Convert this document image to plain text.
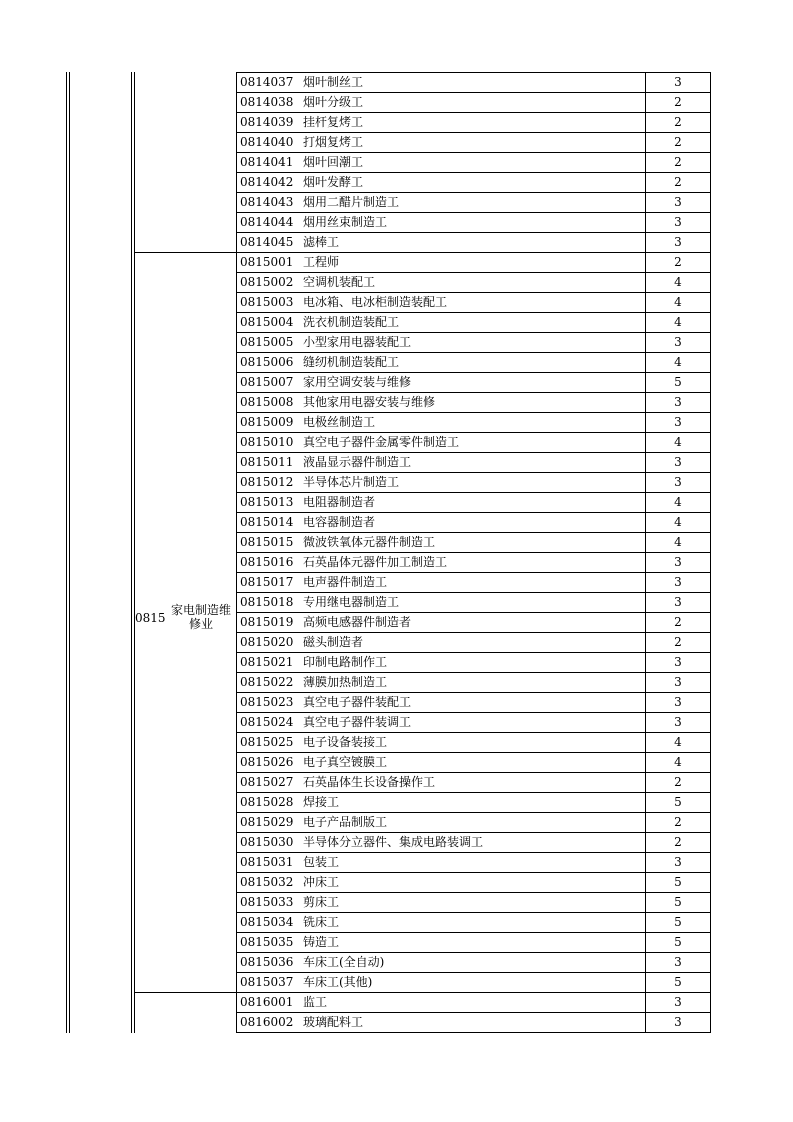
0815
家电制造维修业
0814037 烟叶制丝工	3
0814038 烟叶分级工	2
0814039 挂杆复烤工	2
0814040 打烟复烤工	2
0814041 烟叶回潮工	2
0814042 烟叶发酵工	2
0814043 烟用二醋片制造工	3
0814044 烟用丝束制造工	3
0814045 滤棒工	3
0815001 工程师	2
0815002 空调机装配工	4
0815003 电冰箱、电冰柜制造装配工	4
0815004 洗衣机制造装配工	4
0815005 小型家用电器装配工	3
0815006 缝纫机制造装配工	4
0815007 家用空调安装与维修	5
0815008 其他家用电器安装与维修	3
0815009 电极丝制造工	3
0815010 真空电子器件金属零件制造工	4
0815011 液晶显示器件制造工	3
0815012 半导体芯片制造工	3
0815013 电阻器制造者	4
0815014 电容器制造者	4
0815015 微波铁氧体元器件制造工	4
0815016 石英晶体元器件加工制造工	3
0815017 电声器件制造工	3
0815018 专用继电器制造工	3
0815019 高频电感器件制造者	2
0815020 磁头制造者	2
0815021 印制电路制作工	3
0815022 薄膜加热制造工	3
0815023 真空电子器件装配工	3
0815024 真空电子器件装调工	3
0815025 电子设备装接工	4
0815026 电子真空镀膜工	4
0815027 石英晶体生长设备操作工	2
0815028 焊接工	5
0815029 电子产品制版工	2
0815030 半导体分立器件、集成电路装调工	2
0815031 包装工	3
0815032 冲床工	5
0815033 剪床工	5
0815034 铣床工	5
0815035 铸造工	5
0815036 车床工(全自动)	3
0815037 车床工(其他)	5
0816001 监工	3
0816002 玻璃配料工	3
